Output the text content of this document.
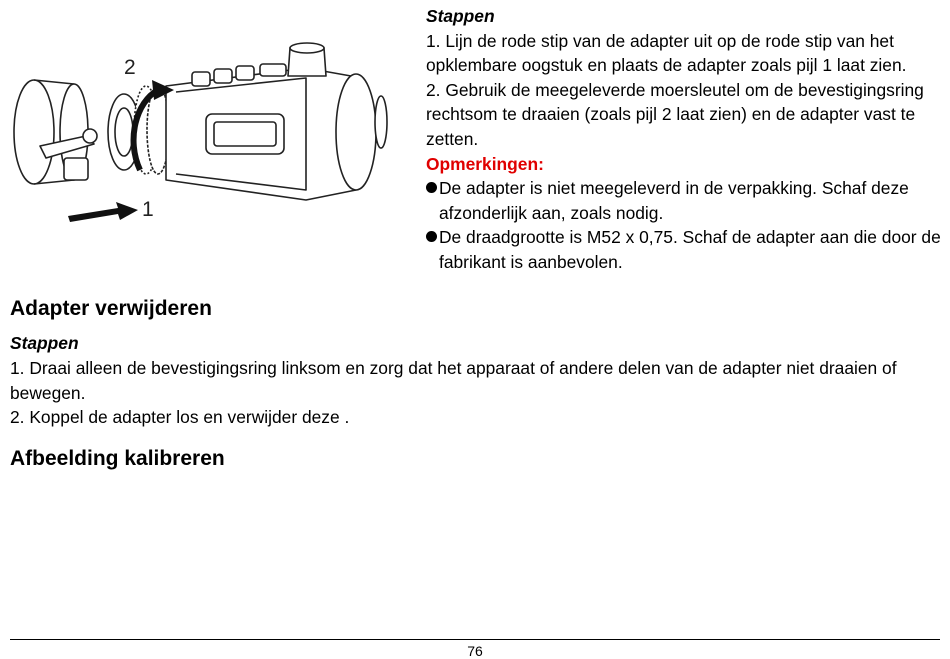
2
1

Stappen

1. Lijn de rode stip van de adapter uit op de rode stip van het opklembare oogstuk en plaats de adapter zoals pijl 1 laat zien.

2. Gebruik de meegeleverde moersleutel om de bevestigingsring rechtsom te draaien (zoals pijl 2 laat zien) en de adapter vast te zetten.

Opmerkingen:

De adapter is niet meegeleverd in de verpakking. Schaf deze afzonderlijk aan, zoals nodig.

De draadgrootte is M52 x 0,75. Schaf de adapter aan die door de fabrikant is aanbevolen.

Adapter verwijderen
Stappen

1. Draai alleen de bevestigingsring linksom en zorg dat het apparaat of andere delen van de adapter niet draaien of bewegen.

2. Koppel de adapter los en verwijder deze .

Afbeelding kalibreren
76
